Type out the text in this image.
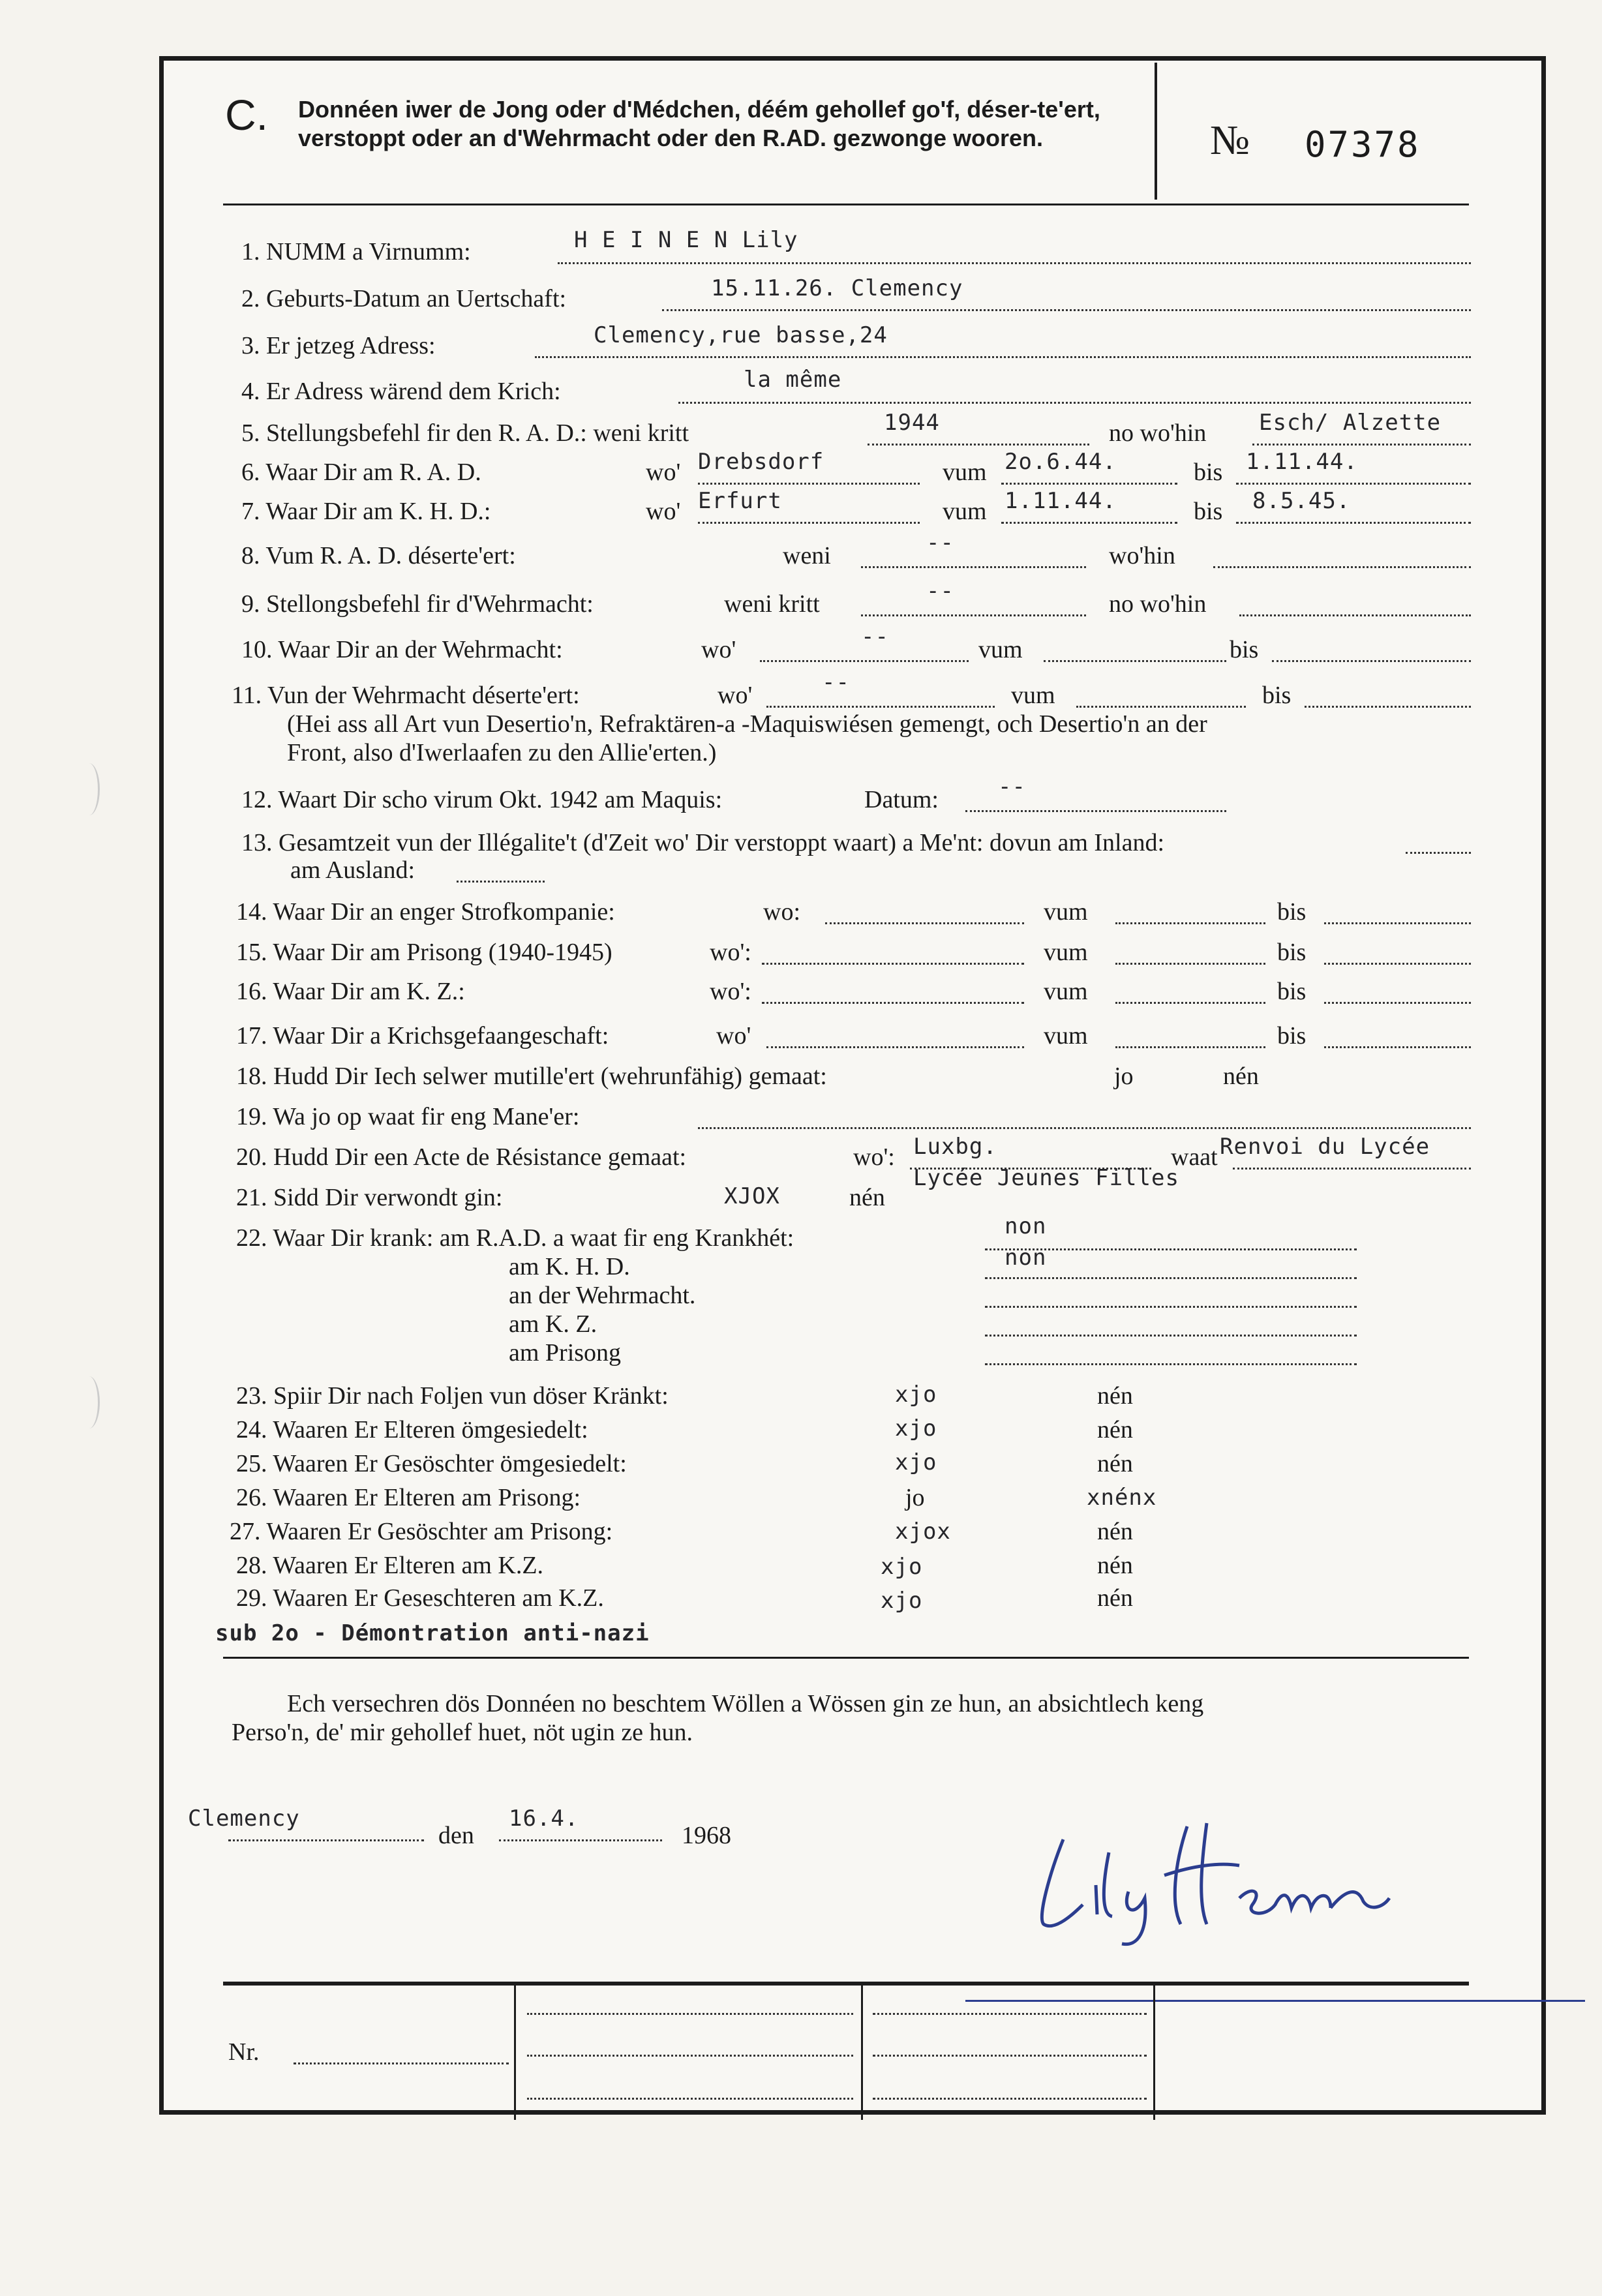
C. Donnéen iwer de Jong oder d'Médchen, déém gehollef go'f, déser-te'ert, verstoppt oder an d'Wehrmacht oder den R.AD. gezwonge wooren.	№ 07378
1. NUMM a Virnumm:	H E I N E N Lily
2. Geburts-Datum an Uertschaft:	15.11.26. Clemency
3. Er jetzeg Adress:	Clemency,rue basse,24
4. Er Adress wärend dem Krich:	la même
5. Stellungsbefehl fir den R. A. D.: weni kritt	1944	no wo'hin Esch/ Alzette
6. Waar Dir am R. A. D.	wo' Drebsdorf	vum 2o.6.44.	bis 1.11.44.
7. Waar Dir am K. H. D.:	wo' Erfurt	vum 1.11.44.	bis 8.5.45.
8. Vum R. A. D. déserte'ert:	weni	--	wo'hin
9. Stellongsbefehl fir d'Wehrmacht:	weni kritt	--	no wo'hin
10. Waar Dir an der Wehrmacht:	wo'	--	vum	bis
11. Vun der Wehrmacht déserte'ert:	wo'	--	vum	bis
(Hei ass all Art vun Desertio'n, Refraktären-a -Maquiswiésen gemengt, och Desertio'n an der
Front, also d'Iwerlaafen zu den Allie'erten.)
12. Waart Dir scho virum Okt. 1942 am Maquis:	Datum:	--
13. Gesamtzeit vun der Illégalite't (d'Zeit wo' Dir verstoppt waart) a Me'nt: dovun am Inland:
am Ausland:
14. Waar Dir an enger Strofkompanie:	wo:	vum	bis
15. Waar Dir am Prisong (1940-1945)	wo':	vum	bis
16. Waar Dir am K. Z.:	wo':	vum	bis
17. Waar Dir a Krichsgefaangeschaft:	wo'	vum	bis
18. Hudd Dir Iech selwer mutille'ert (wehrunfähig) gemaat:	jo	nén
19. Wa jo op waat fir eng Mane'er:
20. Hudd Dir een Acte de Résistance gemaat:	wo': Luxbg.	waat Renvoi du Lycée
Lycée Jeunes Filles
21. Sidd Dir verwondt gin:	XJOX	nén
22. Waar Dir krank: am R.A.D. a waat fir eng Krankhét:	non
am K. H. D.	non
an der Wehrmacht.
am K. Z.
am Prisong
23. Spiir Dir nach Foljen vun döser Kränkt:	xjo	nén
24. Waaren Er Elteren ömgesiedelt:	xjo	nén
25. Waaren Er Gesöschter ömgesiedelt:	xjo	nén
26. Waaren Er Elteren am Prisong:	jo	xnénx
27. Waaren Er Gesöschter am Prisong:	xjox	nén
28. Waaren Er Elteren am K.Z.	xjo	nén
29. Waaren Er Geseschteren am K.Z.	xjo	nén
sub 2o - Démontration anti-nazi
Ech versechren dös Donnéen no beschtem Wöllen a Wössen gin ze hun, an absichtlech keng
Perso'n, de' mir gehollef huet, nöt ugin ze hun.
Clemency
den
16.4.
1968
Nr.
